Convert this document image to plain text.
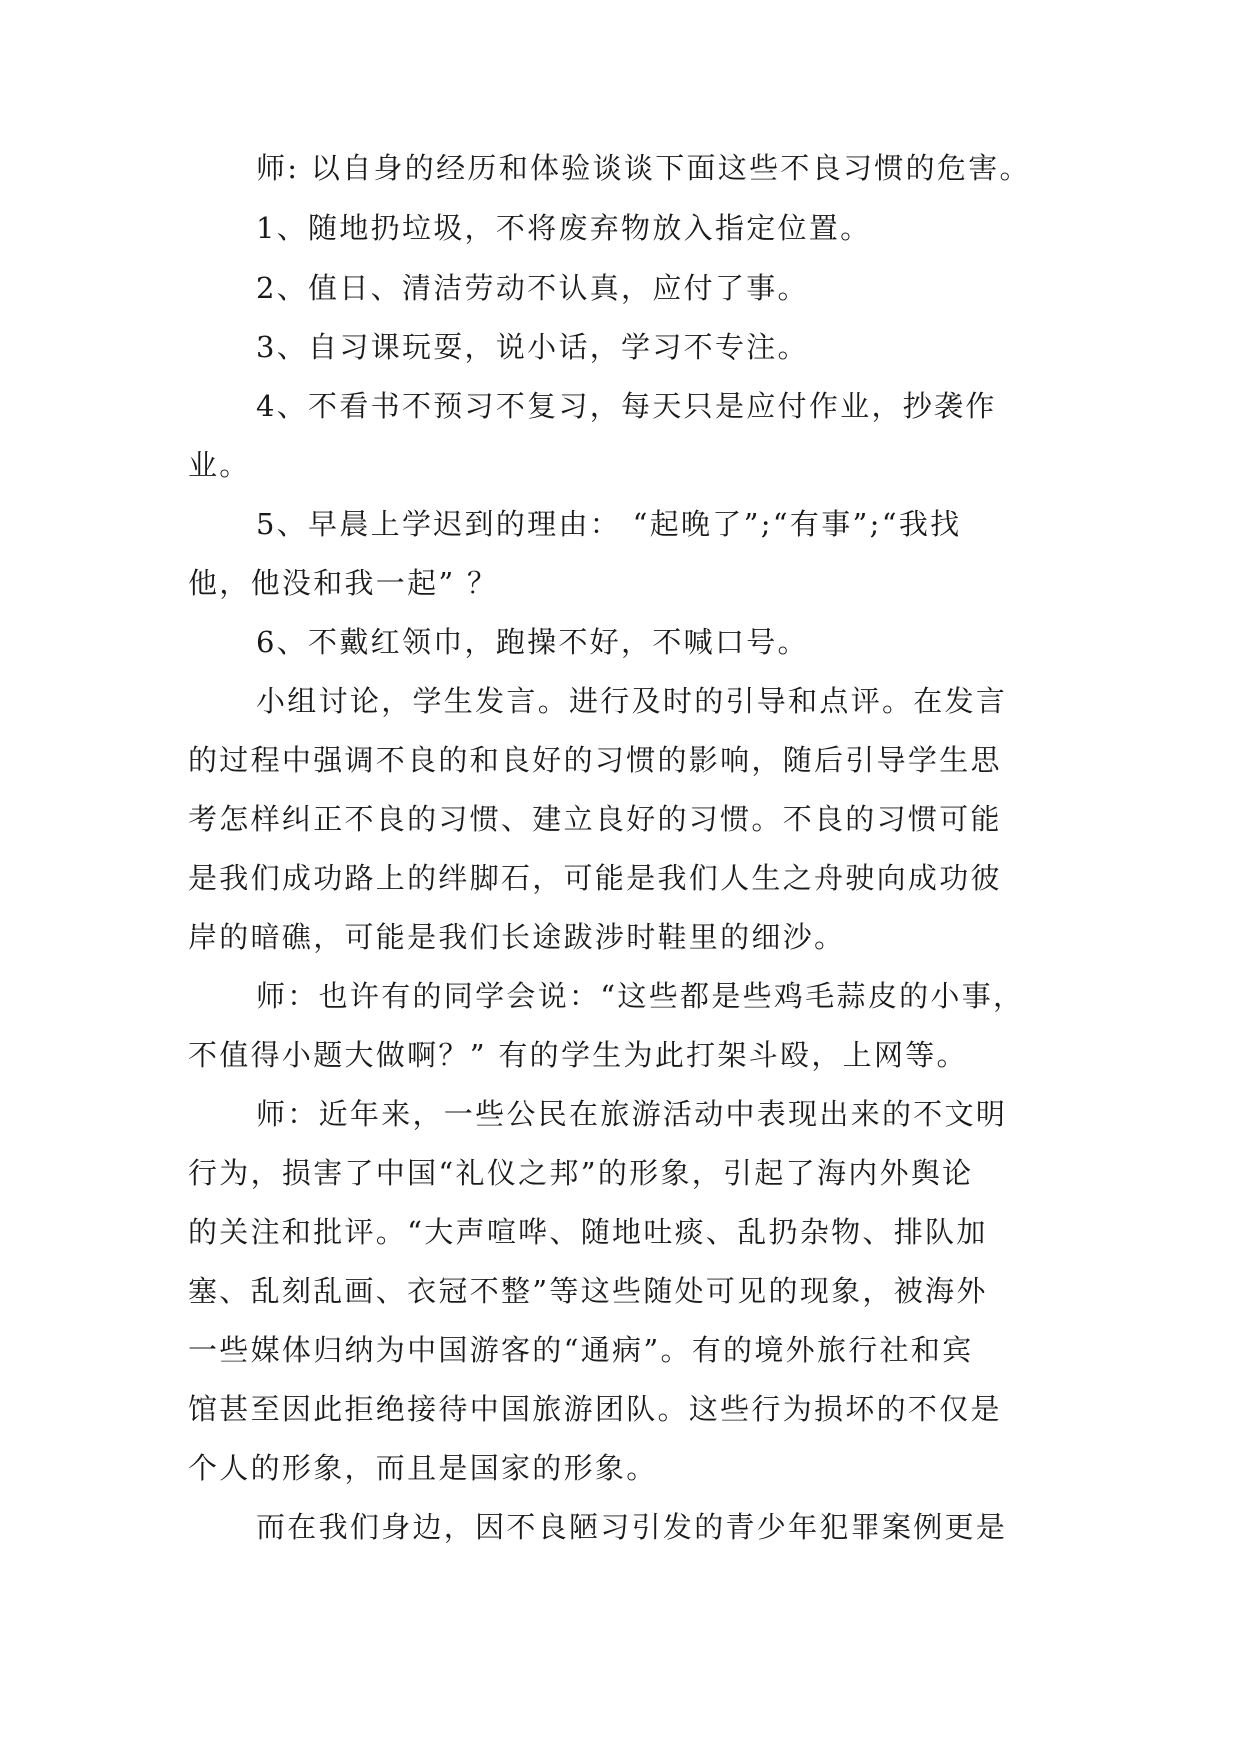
师: 以自身的经历和体验谈谈下面这些不良习惯的危害。

1、随地扔垃圾，不将废弃物放入指定位置。

2、值日、清洁劳动不认真，应付了事。

3、自习课玩耍，说小话，学习不专注。

4、不看书不预习不复习，每天只是应付作业，抄袭作

业。

5、早晨上学迟到的理由： “起晚了”;“有事”;“我找

他，他没和我一起” ？

6、不戴红领巾，跑操不好，不喊口号。

小组讨论，学生发言。进行及时的引导和点评。在发言

的过程中强调不良的和良好的习惯的影响，随后引导学生思

考怎样纠正不良的习惯、建立良好的习惯。不良的习惯可能

是我们成功路上的绊脚石，可能是我们人生之舟驶向成功彼

岸的暗礁，可能是我们长途跋涉时鞋里的细沙。

师：也许有的同学会说：“这些都是些鸡毛蒜皮的小事，

不值得小题大做啊？” 有的学生为此打架斗殴，上网等。

师：近年来，一些公民在旅游活动中表现出来的不文明

行为，损害了中国“礼仪之邦”的形象，引起了海内外舆论

的关注和批评。“大声喧哗、随地吐痰、乱扔杂物、排队加

塞、乱刻乱画、衣冠不整”等这些随处可见的现象，被海外

一些媒体归纳为中国游客的“通病”。有的境外旅行社和宾

馆甚至因此拒绝接待中国旅游团队。这些行为损坏的不仅是

个人的形象，而且是国家的形象。

而在我们身边，因不良陋习引发的青少年犯罪案例更是
